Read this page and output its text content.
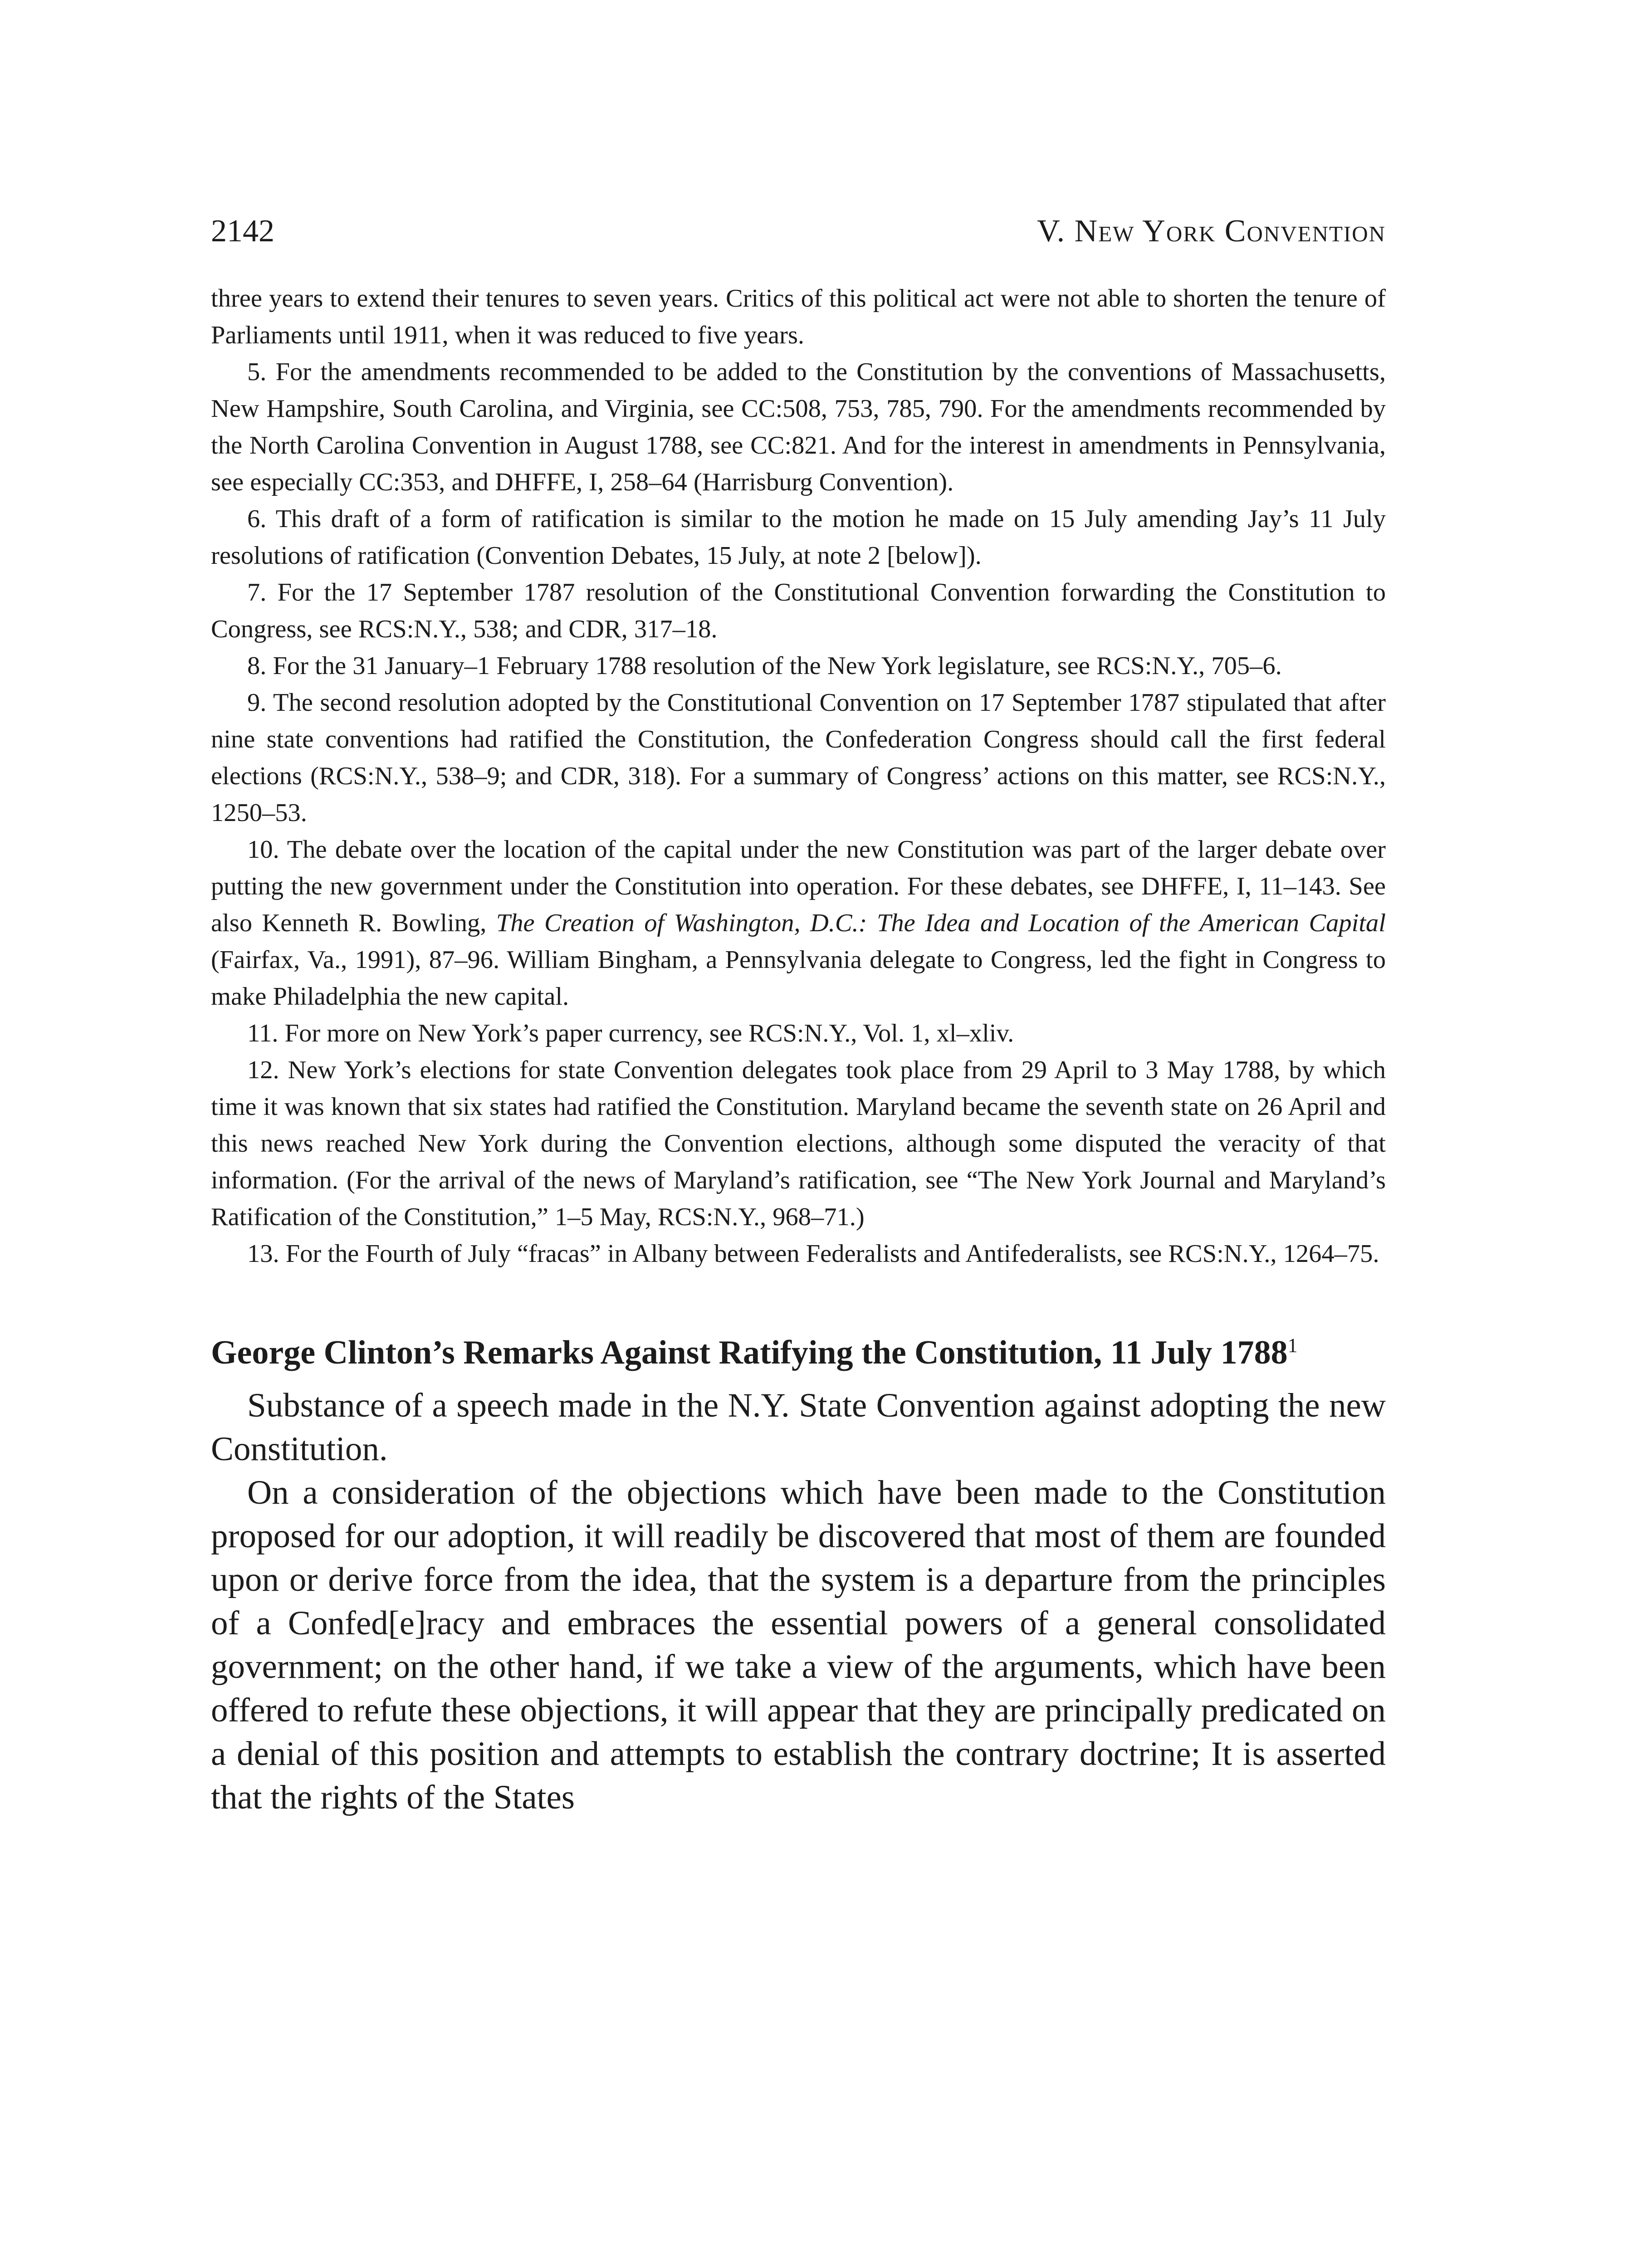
2142	V. New York Convention

three years to extend their tenures to seven years. Critics of this political act were not able to shorten the tenure of Parliaments until 1911, when it was reduced to five years.

5. For the amendments recommended to be added to the Constitution by the conventions of Massachusetts, New Hampshire, South Carolina, and Virginia, see CC:508, 753, 785, 790. For the amendments recommended by the North Carolina Convention in August 1788, see CC:821. And for the interest in amendments in Pennsylvania, see especially CC:353, and DHFFE, I, 258–64 (Harrisburg Convention).

6. This draft of a form of ratification is similar to the motion he made on 15 July amending Jay’s 11 July resolutions of ratification (Convention Debates, 15 July, at note 2 [below]).

7. For the 17 September 1787 resolution of the Constitutional Convention forwarding the Constitution to Congress, see RCS:N.Y., 538; and CDR, 317–18.

8. For the 31 January–1 February 1788 resolution of the New York legislature, see RCS:N.Y., 705–6.

9. The second resolution adopted by the Constitutional Convention on 17 September 1787 stipulated that after nine state conventions had ratified the Constitution, the Confederation Congress should call the first federal elections (RCS:N.Y., 538–9; and CDR, 318). For a summary of Congress’ actions on this matter, see RCS:N.Y., 1250–53.

10. The debate over the location of the capital under the new Constitution was part of the larger debate over putting the new government under the Constitution into operation. For these debates, see DHFFE, I, 11–143. See also Kenneth R. Bowling, The Creation of Washington, D.C.: The Idea and Location of the American Capital (Fairfax, Va., 1991), 87–96. William Bingham, a Pennsylvania delegate to Congress, led the fight in Congress to make Philadelphia the new capital.

11. For more on New York’s paper currency, see RCS:N.Y., Vol. 1, xl–xliv.

12. New York’s elections for state Convention delegates took place from 29 April to 3 May 1788, by which time it was known that six states had ratified the Constitution. Maryland became the seventh state on 26 April and this news reached New York during the Convention elections, although some disputed the veracity of that information. (For the arrival of the news of Maryland’s ratification, see “The New York Journal and Maryland’s Ratification of the Constitution,” 1–5 May, RCS:N.Y., 968–71.)

13. For the Fourth of July “fracas” in Albany between Federalists and Antifederalists, see RCS:N.Y., 1264–75.

George Clinton’s Remarks Against Ratifying the Constitution, 11 July 1788$^1$

Substance of a speech made in the N.Y. State Convention against adopting the new Constitution.

On a consideration of the objections which have been made to the Constitution proposed for our adoption, it will readily be discovered that most of them are founded upon or derive force from the idea, that the system is a departure from the principles of a Confed[e]racy and embraces the essential powers of a general consolidated government; on the other hand, if we take a view of the arguments, which have been offered to refute these objections, it will appear that they are principally predicated on a denial of this position and attempts to establish the contrary doctrine; It is asserted that the rights of the States
